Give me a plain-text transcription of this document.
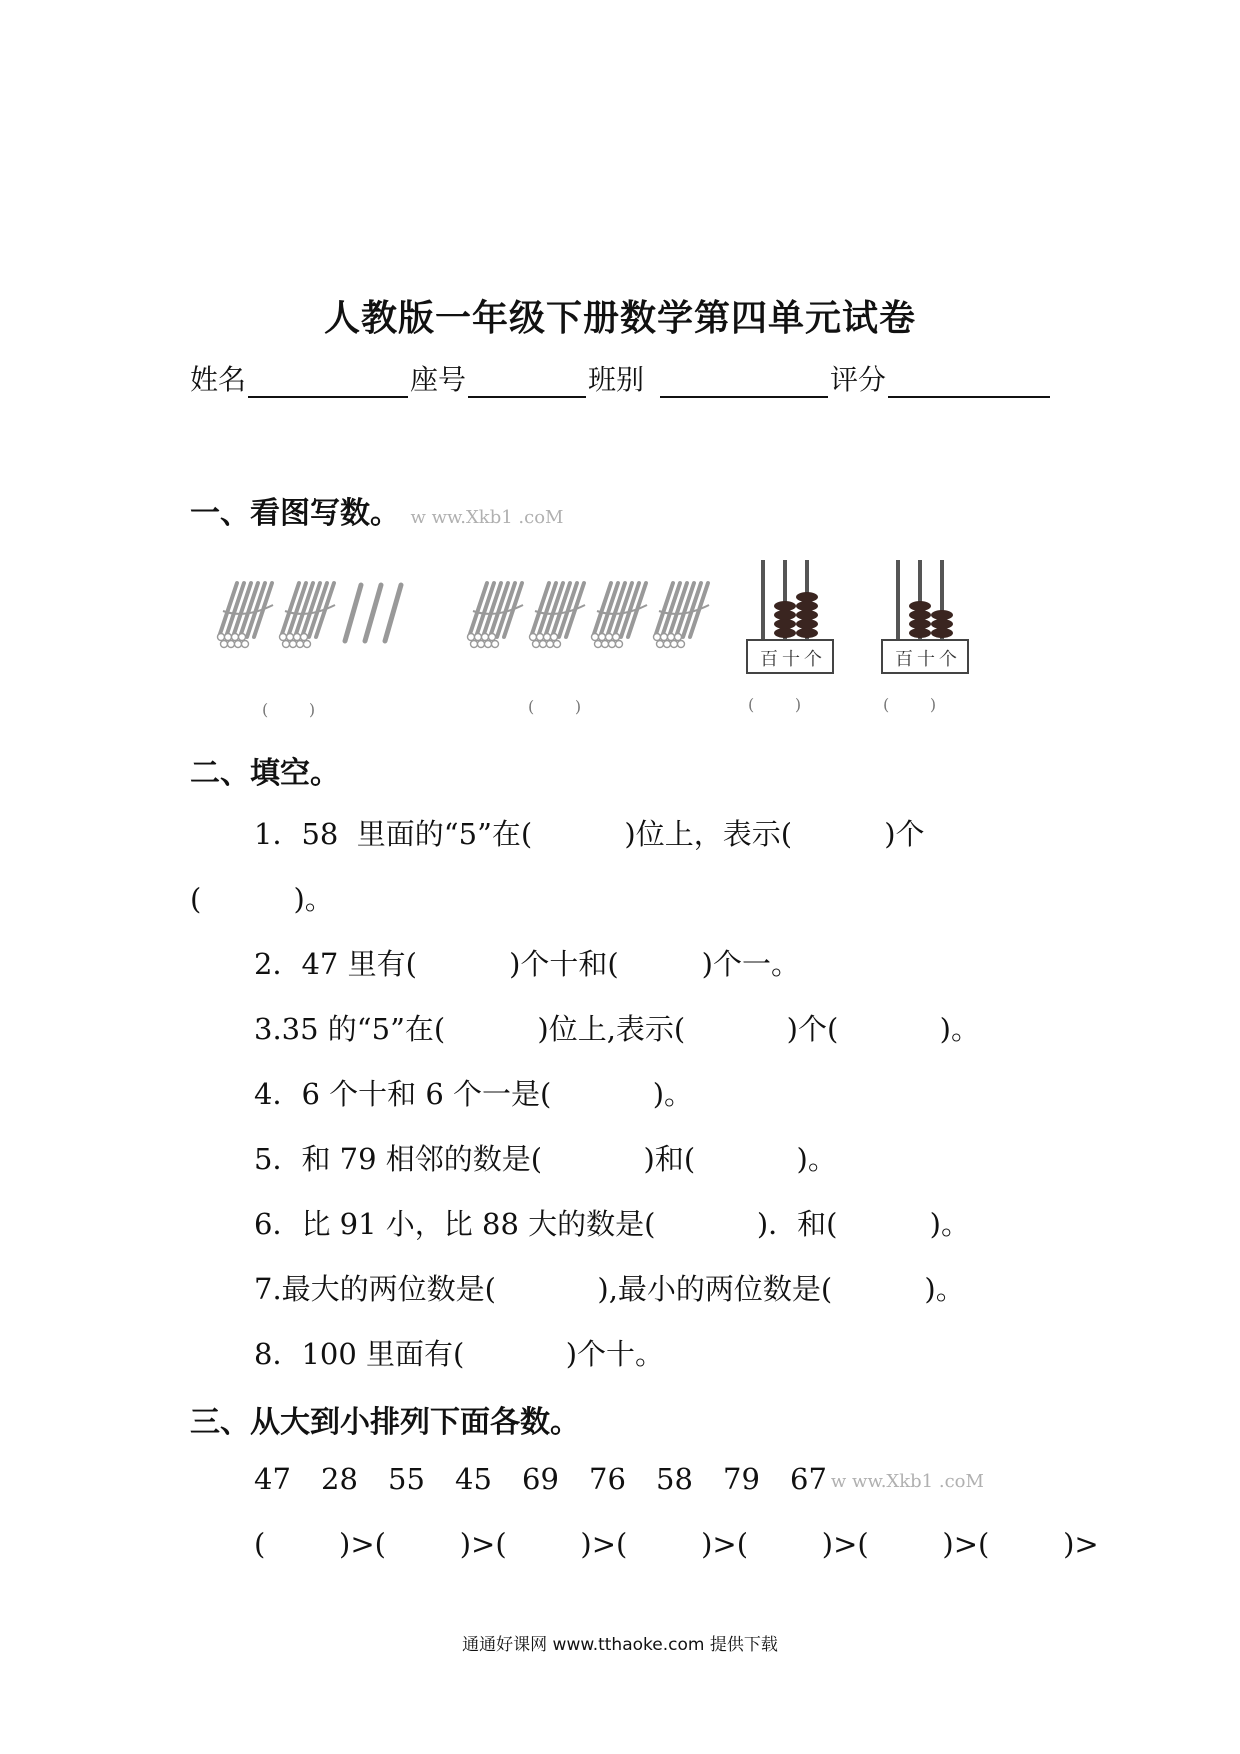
人教版一年级下册数学第四单元试卷
姓名	座号	班别	评分
一、看图写数。 w ww.Xkb1 .coM
百 十 个	百 十 个
(        )	(        )	(        )	(        )
二、填空。
1．58  里面的“5”在(          )位上，表示(          )个
(          )。
2．47 里有(          )个十和(         )个一。
3.35 的“5”在(          )位上,表示(           )个(           )。
4．6 个十和 6 个一是(           )。
5．和 79 相邻的数是(           )和(           )。
6．比 91 小，比 88 大的数是(           )．和(          )。
7.最大的两位数是(           ),最小的两位数是(          )。
8．100 里面有(           )个十。
三、从大到小排列下面各数。
47	28	55	45	69	76	58	79	67 w ww.Xkb1 .coM
(        )>(        )>(        )>(        )>(        )>(        )>(        )>
通通好课网 www.tthaoke.com 提供下载
